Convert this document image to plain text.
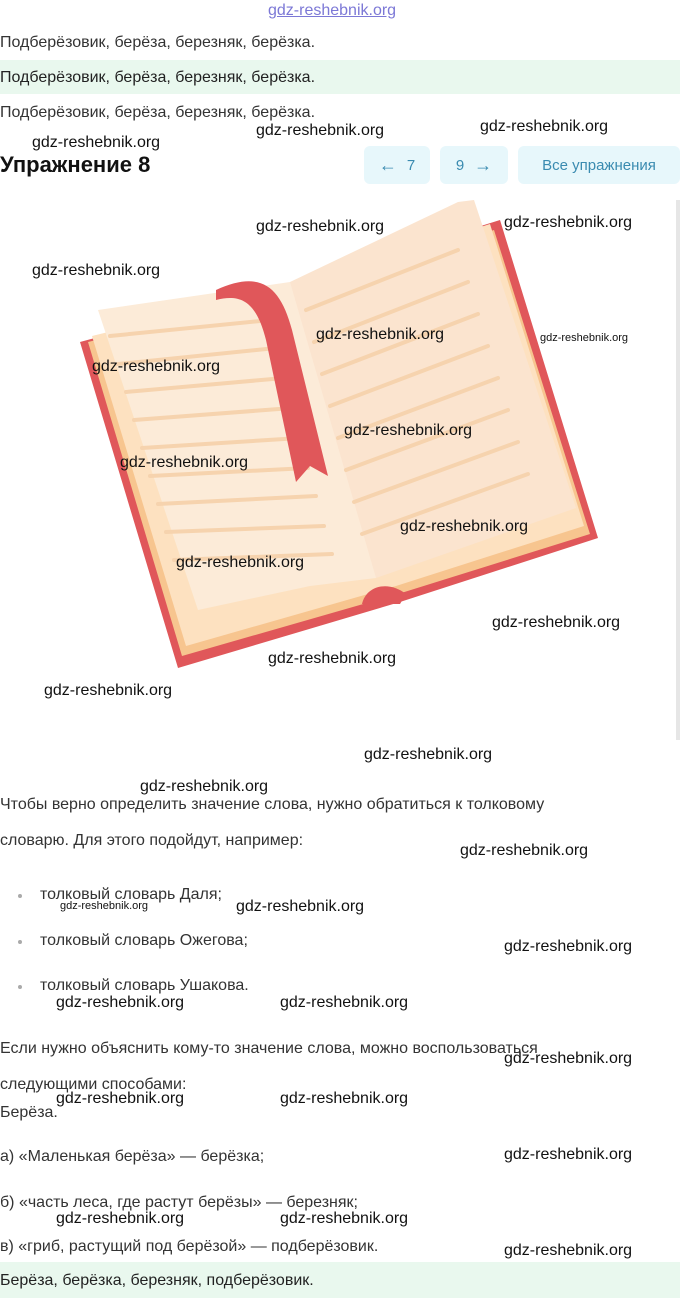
gdz-reshebnik.org
Подберёзовик, берёза, березняк, берёзка.
Подберёзовик, берёза, березняк, берёзка.
Подберёзовик, берёза, березняк, берёзка.
Упражнение 8	← 7	9 →	Все упражнения
Чтобы верно определить значение слова, нужно обратиться к толковому
словарю. Для этого подойдут, например:
толковый словарь Даля;
толковый словарь Ожегова;
толковый словарь Ушакова.
Если нужно объяснить кому-то значение слова, можно воспользоваться
следующими способами:
Берёза.
а) «Маленькая берёза» — берёзка;
б) «часть леса, где растут берёзы» — березняк;
в) «гриб, растущий под берёзой» — подберёзовик.
Берёза, берёзка, березняк, подберёзовик.
gdz-reshebnik.org
gdz-reshebnik.org	gdz-reshebnik.org
gdz-reshebnik.org	gdz-reshebnik.org
gdz-reshebnik.org
gdz-reshebnik.org	gdz-reshebnik.org
gdz-reshebnik.org
gdz-reshebnik.org
gdz-reshebnik.org
gdz-reshebnik.org
gdz-reshebnik.org
gdz-reshebnik.org
gdz-reshebnik.org
gdz-reshebnik.org
gdz-reshebnik.org
gdz-reshebnik.org
gdz-reshebnik.org
gdz-reshebnik.org	gdz-reshebnik.org
gdz-reshebnik.org
gdz-reshebnik.org	gdz-reshebnik.org
gdz-reshebnik.org
gdz-reshebnik.org	gdz-reshebnik.org
gdz-reshebnik.org
gdz-reshebnik.org	gdz-reshebnik.org
gdz-reshebnik.org
